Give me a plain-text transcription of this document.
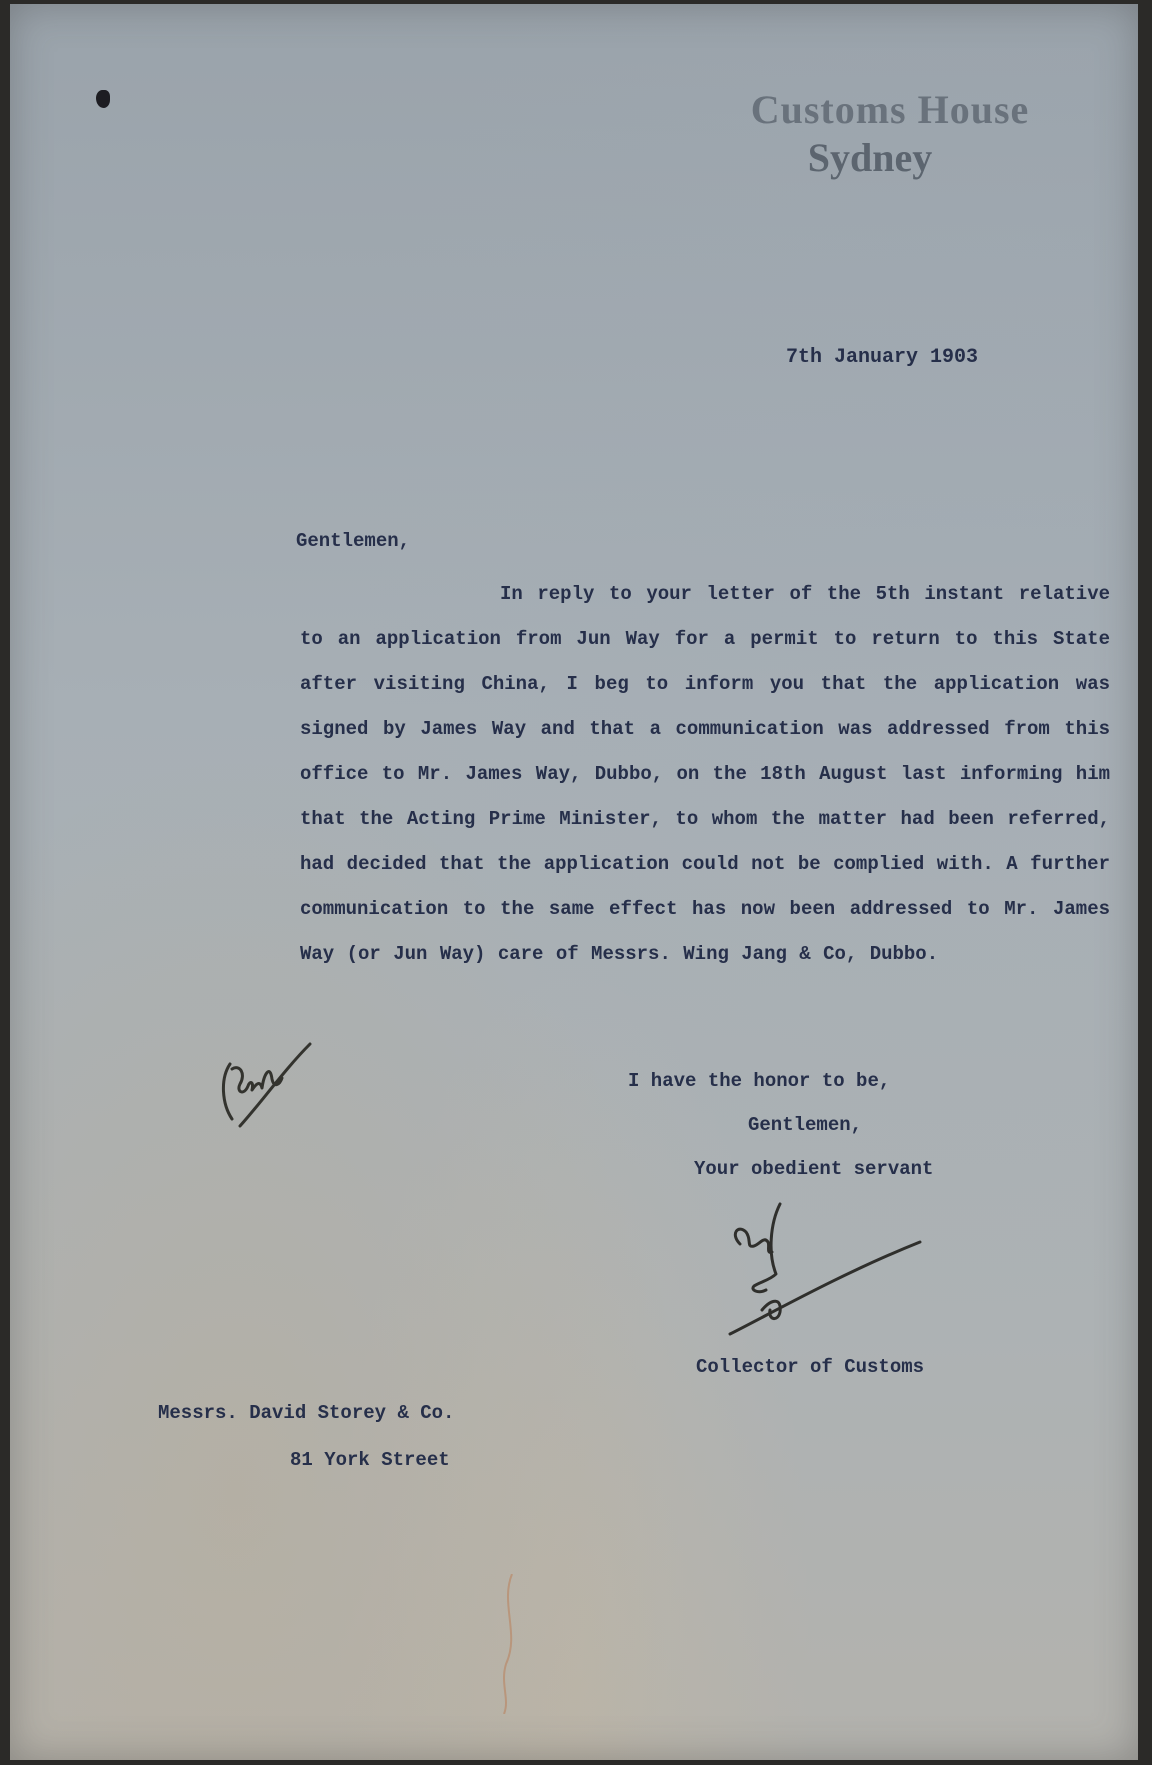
Customs House
Sydney
7th January 1903
Gentlemen,

In reply to your letter of the 5th instant relative to an application from Jun Way for a permit to return to this State after visiting China, I beg to inform you that the application was signed by James Way and that a communication was addressed from this office to Mr. James Way, Dubbo, on the 18th August last informing him that the Acting Prime Minister, to whom the matter had been referred, had decided that the application could not be complied with. A further communication to the same effect has now been addressed to Mr. James Way (or Jun Way) care of Messrs. Wing Jang & Co, Dubbo.

I have the honor to be,
Gentlemen,
Your obedient servant
Collector of Customs
Messrs. David Storey & Co.
81 York Street
